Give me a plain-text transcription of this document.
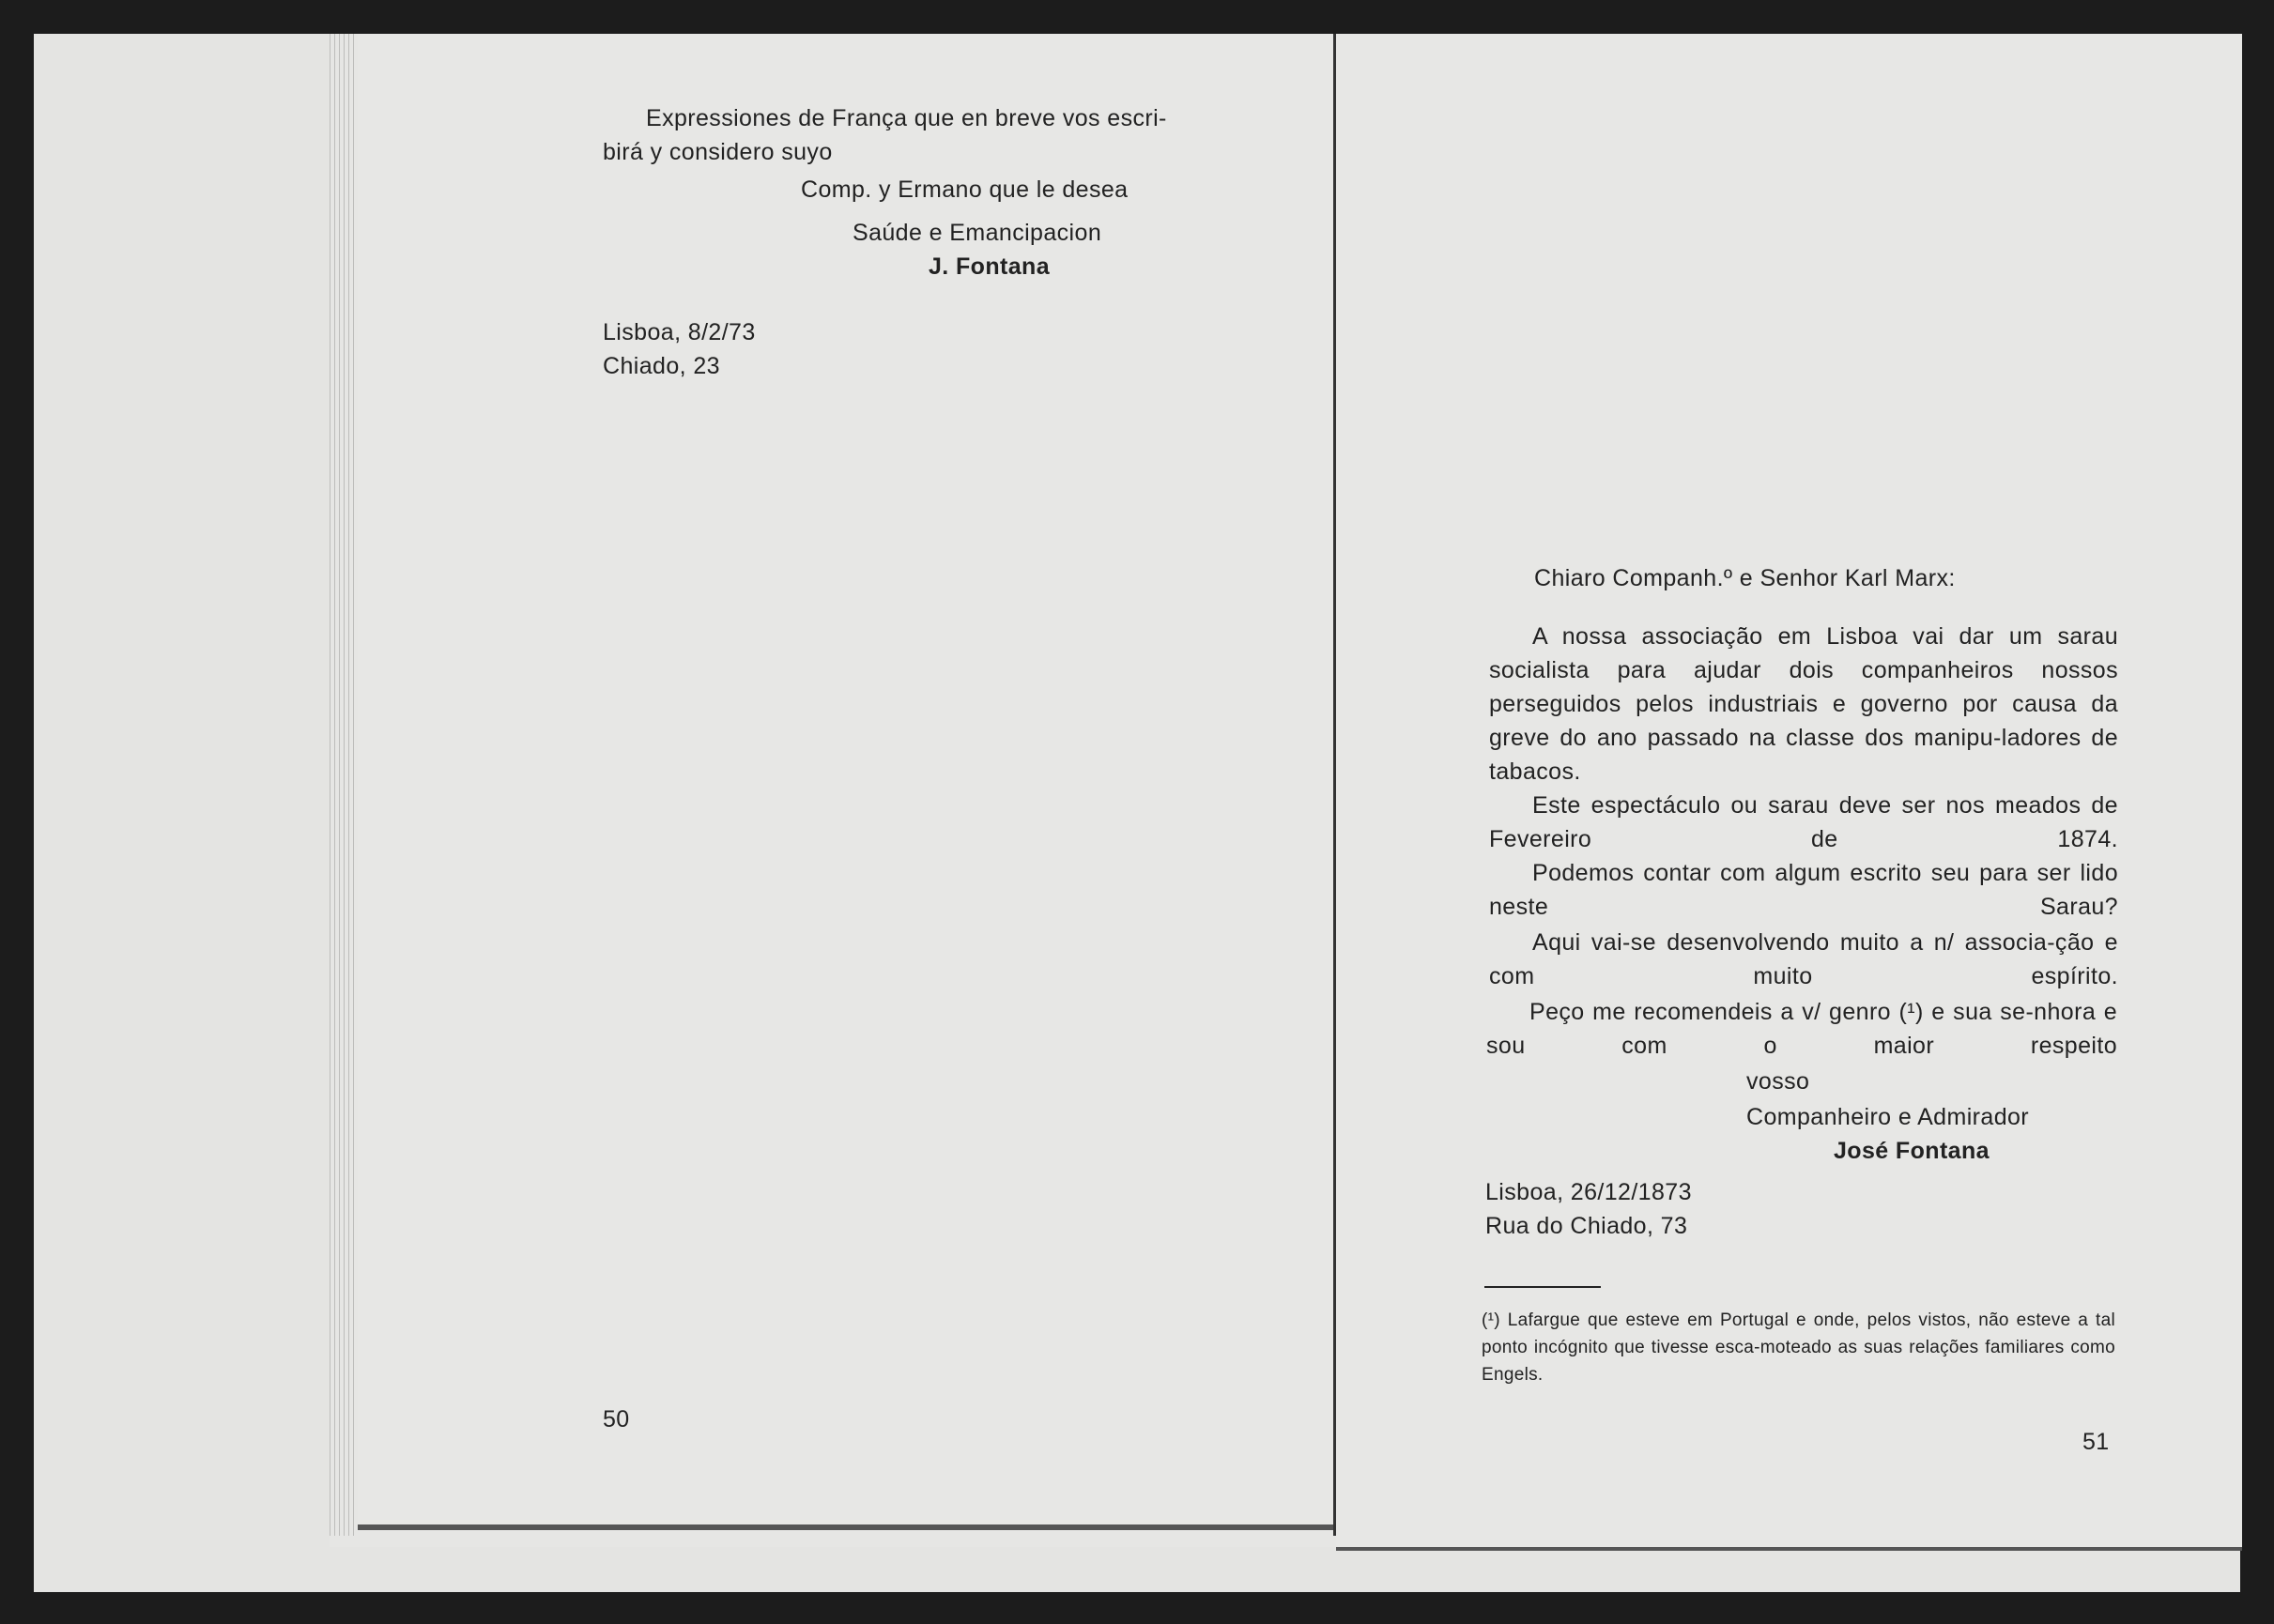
Expressiones de França que en breve vos escri-
birá y considero suyo
Comp. y Ermano que le desea
Saúde e Emancipacion
J. Fontana
Lisboa, 8/2/73
Chiado, 23
50
Chiaro Companh.º e Senhor Karl Marx:
A nossa associação em Lisboa vai dar um sarau socialista para ajudar dois companheiros nossos perseguidos pelos industriais e governo por causa da greve do ano passado na classe dos manipu-ladores de tabacos.
Este espectáculo ou sarau deve ser nos meados de Fevereiro de 1874.
Podemos contar com algum escrito seu para ser lido neste Sarau?
Aqui vai-se desenvolvendo muito a n/ associa-ção e com muito espírito.
Peço me recomendeis a v/ genro (¹) e sua se-nhora e sou com o maior respeito
vosso
Companheiro e Admirador
José Fontana
Lisboa, 26/12/1873
Rua do Chiado, 73
(¹) Lafargue que esteve em Portugal e onde, pelos vistos, não esteve a tal ponto incógnito que tivesse esca-moteado as suas relações familiares como Engels.
51
